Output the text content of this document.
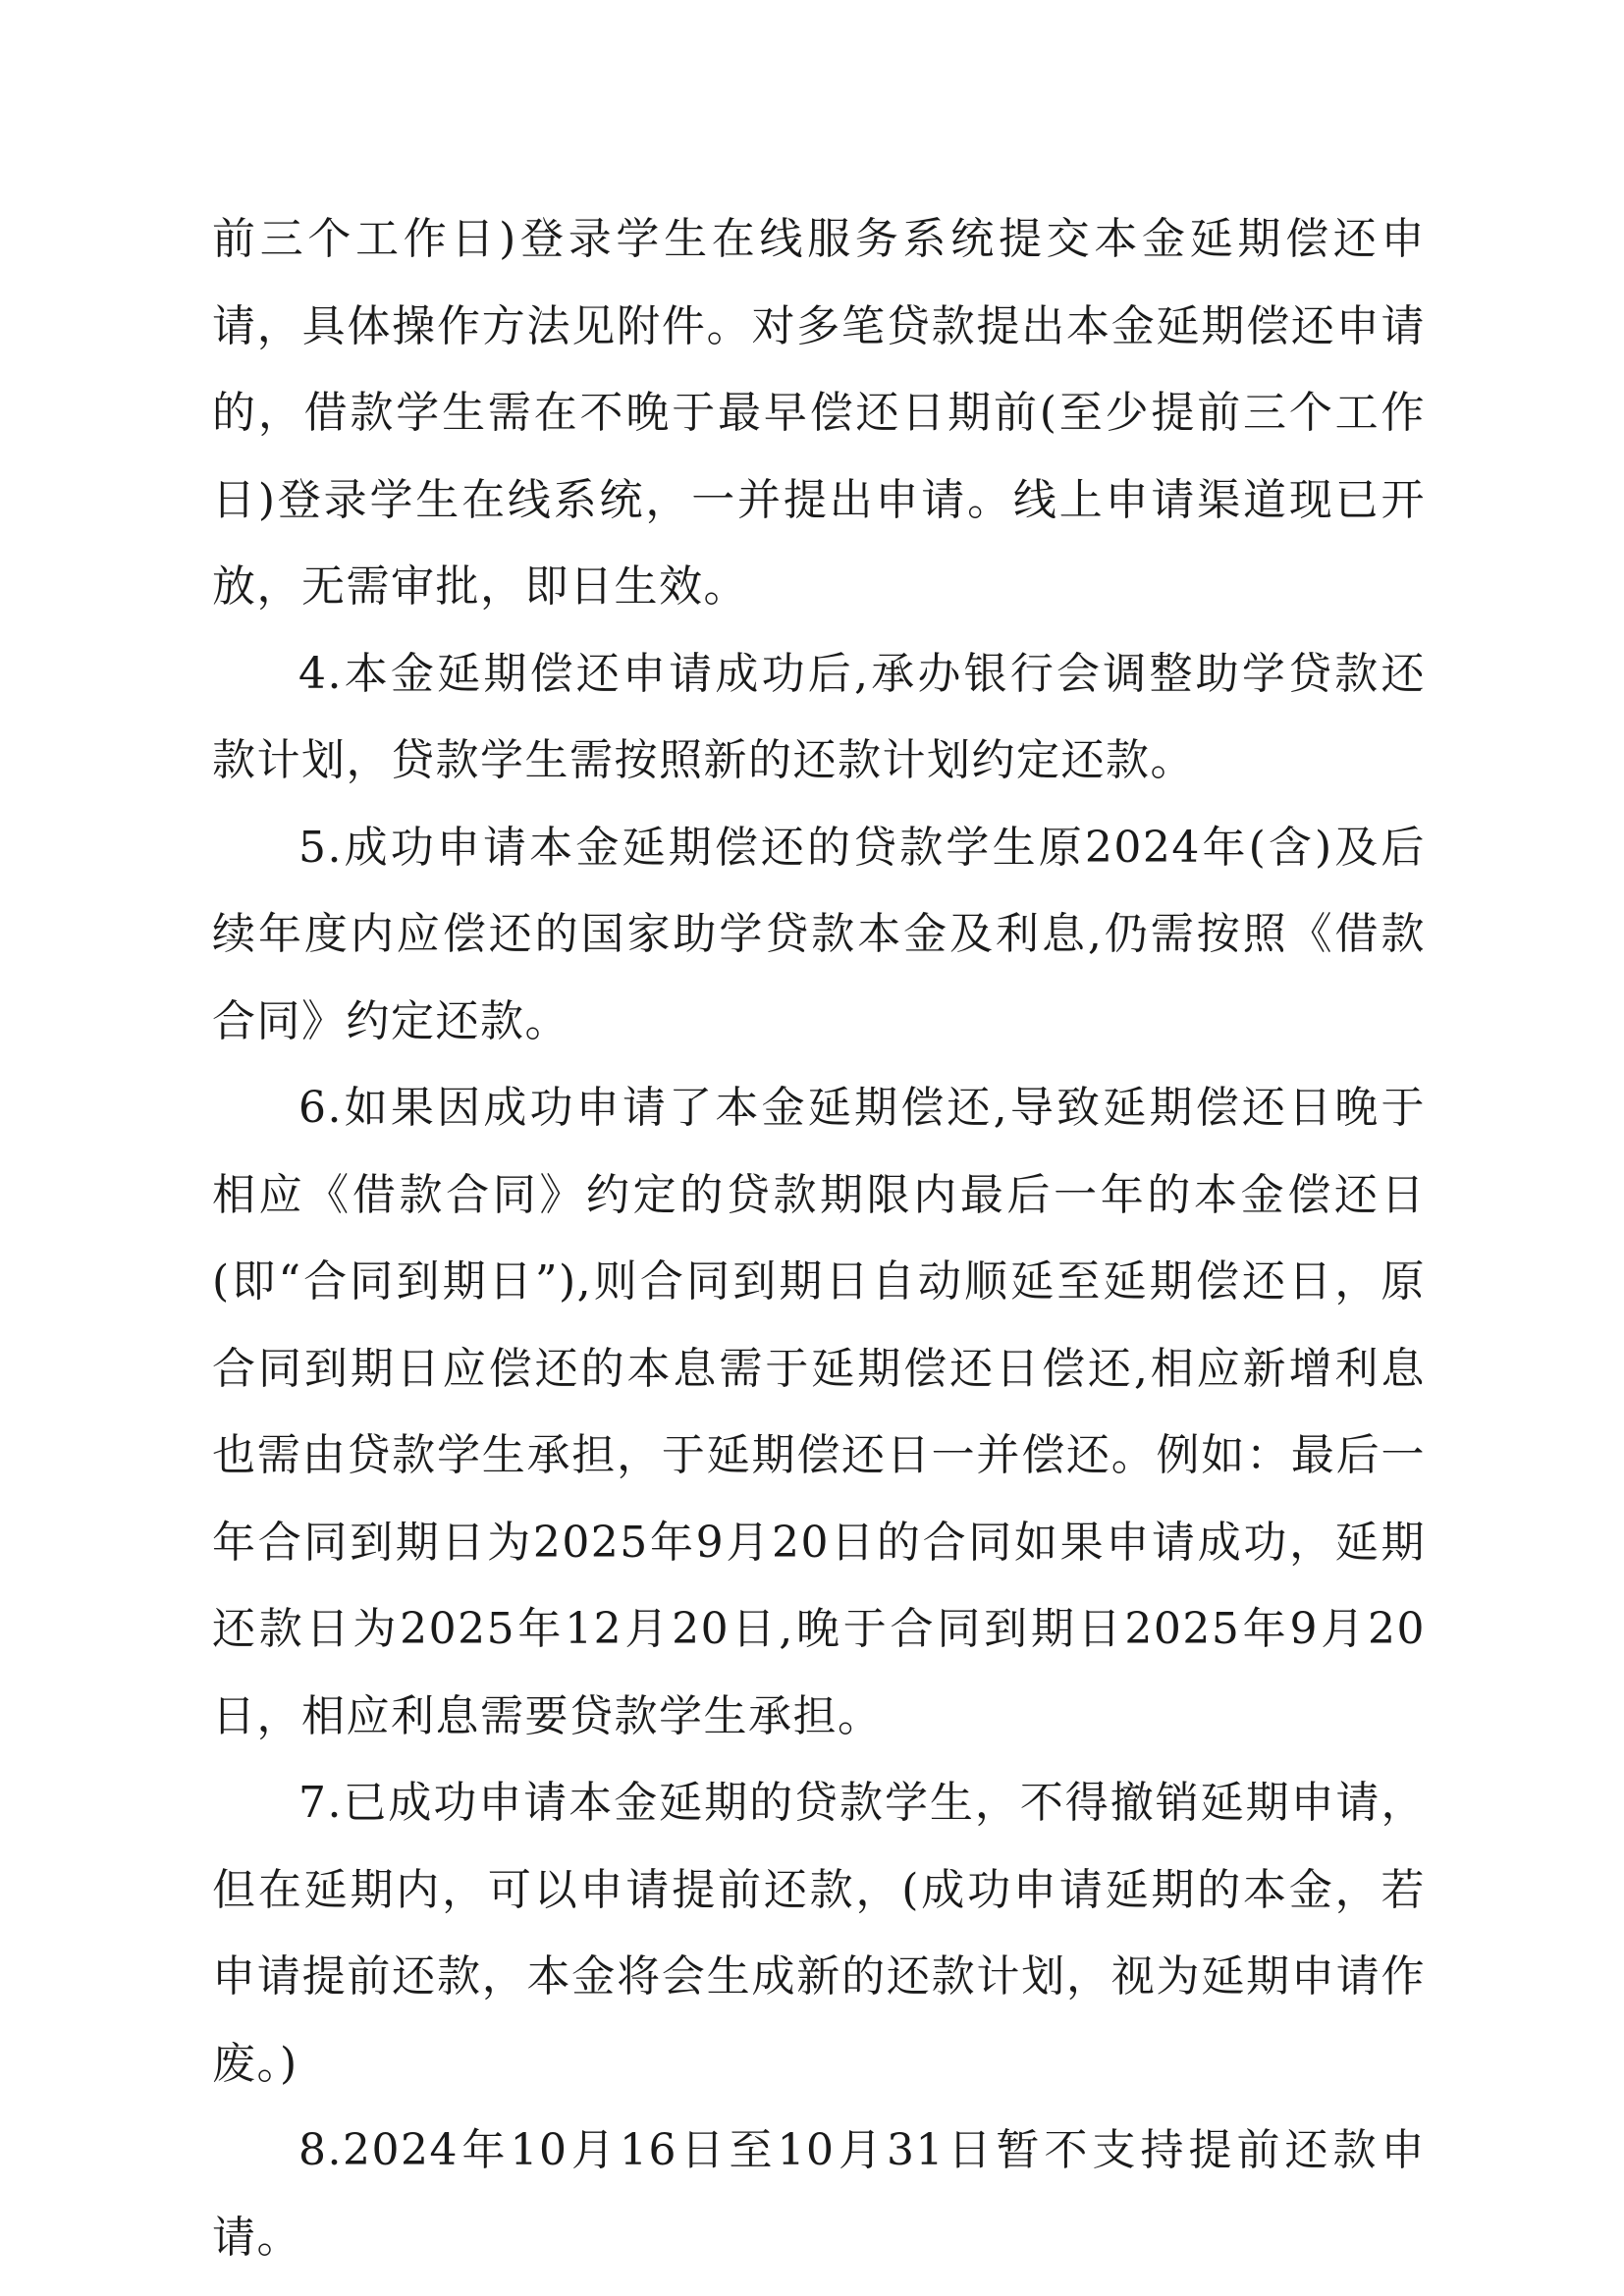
前三个工作日)登录学生在线服务系统提交本金延期偿还申请，具体操作方法见附件。对多笔贷款提出本金延期偿还申请的，借款学生需在不晚于最早偿还日期前(至少提前三个工作日)登录学生在线系统，一并提出申请。线上申请渠道现已开放，无需审批，即日生效。

4.本金延期偿还申请成功后,承办银行会调整助学贷款还款计划，贷款学生需按照新的还款计划约定还款。

5.成功申请本金延期偿还的贷款学生原2024年(含)及后续年度内应偿还的国家助学贷款本金及利息,仍需按照《借款合同》约定还款。

6.如果因成功申请了本金延期偿还,导致延期偿还日晚于相应《借款合同》约定的贷款期限内最后一年的本金偿还日(即“合同到期日”),则合同到期日自动顺延至延期偿还日，原合同到期日应偿还的本息需于延期偿还日偿还,相应新增利息也需由贷款学生承担，于延期偿还日一并偿还。例如：最后一年合同到期日为2025年9月20日的合同如果申请成功，延期还款日为2025年12月20日,晚于合同到期日2025年9月20日，相应利息需要贷款学生承担。

7.已成功申请本金延期的贷款学生，不得撤销延期申请，但在延期内，可以申请提前还款，(成功申请延期的本金，若申请提前还款，本金将会生成新的还款计划，视为延期申请作废。)

8.2024年10月16日至10月31日暂不支持提前还款申请。
